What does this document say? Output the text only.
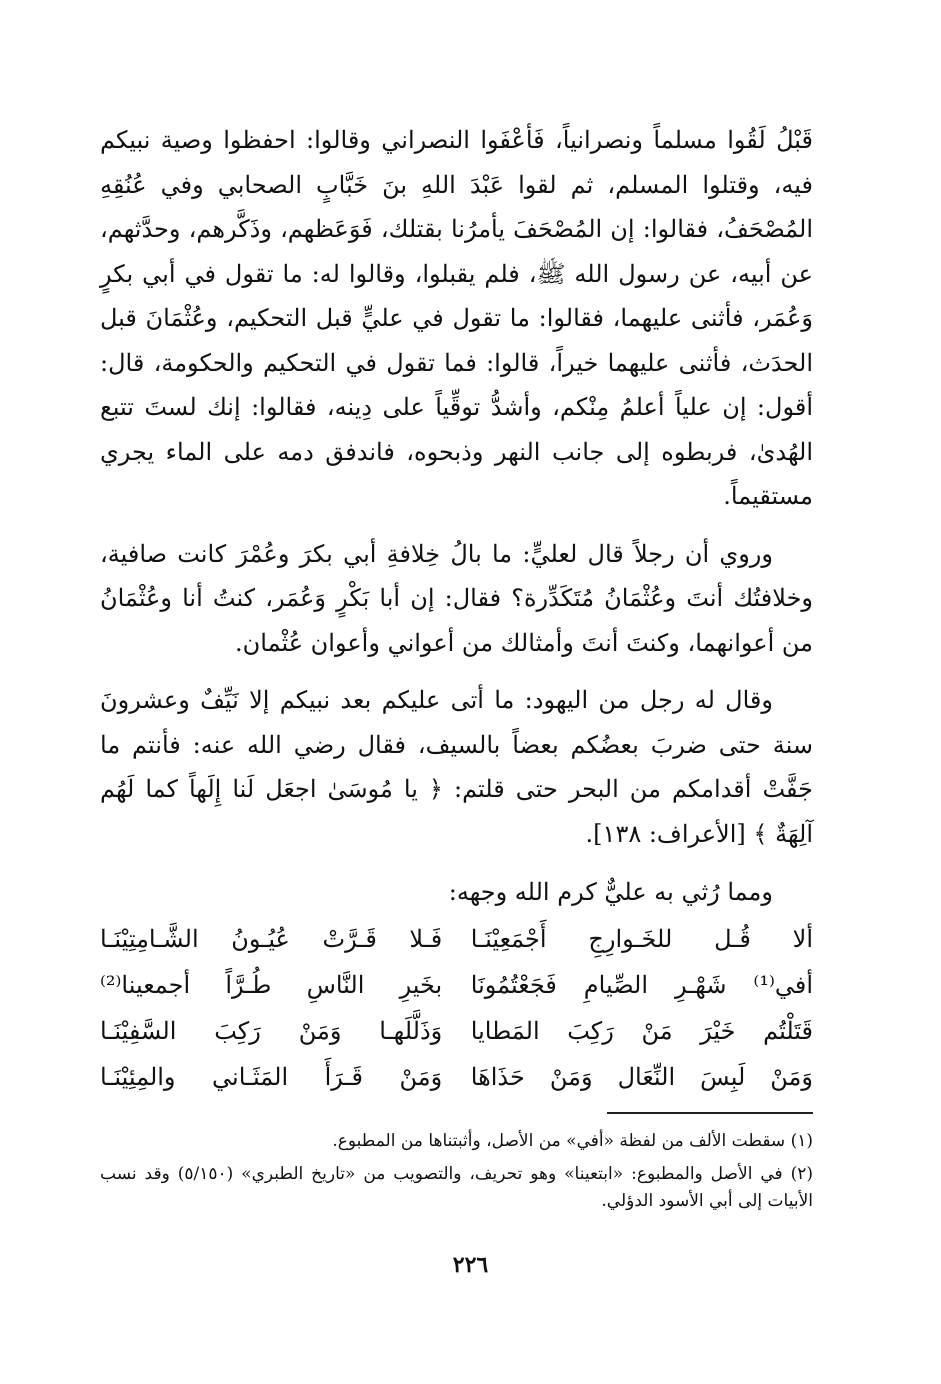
قَبْلُ لَقُوا مسلماً ونصرانياً، فَأعْفَوا النصراني وقالوا: احفظوا وصية نبيكم فيه، وقتلوا المسلم، ثم لقوا عَبْدَ اللهِ بنَ خَبَّابٍ الصحابي وفي عُنُقِهِ المُصْحَفُ، فقالوا: إن المُصْحَفَ يأمرُنا بقتلك، فَوَعَظهم، وذَكَّرهم، وحدَّثهم، عن أبيه، عن رسول الله ﷺ، فلم يقبلوا، وقالوا له: ما تقول في أبي بكرٍ وَعُمَر، فأثنى عليهما، فقالوا: ما تقول في عليٍّ قبل التحكيم، وعُثْمَانَ قبل الحدَث، فأثنى عليهما خيراً، قالوا: فما تقول في التحكيم والحكومة، قال: أقول: إن علياً أعلمُ مِنْكم، وأشدُّ توقِّياً على دِينه، فقالوا: إنك لستَ تتبع الهُدىٰ، فربطوه إلى جانب النهر وذبحوه، فاندفق دمه على الماء يجري مستقيماً.

وروي أن رجلاً قال لعليٍّ: ما بالُ خِلافةِ أبي بكرَ وعُمْرَ كانت صافية، وخلافتُك أنتَ وعُثْمَانُ مُتَكَدِّرة؟ فقال: إن أبا بَكْرٍ وَعُمَر، كنتُ أنا وعُثْمَانُ من أعوانهما، وكنتَ أنتَ وأمثالك من أعواني وأعوان عُثْمان.

وقال له رجل من اليهود: ما أتى عليكم بعد نبيكم إلا نَيِّفٌ وعشرونَ سنة حتى ضربَ بعضُكم بعضاً بالسيف، فقال رضي الله عنه: فأنتم ما جَفَّتْ أقدامكم من البحر حتى قلتم: ﴿ يا مُوسَىٰ اجعَل لَنا إِلَهاً كما لَهُم آلِهَةٌ ﴾ [الأعراف: ١٣٨].

ومما رُثي به عليٌّ كرم الله وجهه:

ألا قُـل للخَـوارِجِ أَجْمَعِيْنَـا
فَـلا قَـرَّتْ عُيُـونُ الشَّـامِتِيْنَـا
أفي⁽¹⁾ شَهْـرِ الصِّيامِ فَجَعْتُمُونَا
بخَيرِ النَّاسِ طُـرَّاً أجمعينا⁽²⁾
قَتَلْتُم خَيْرَ مَنْ رَكِبَ المَطايا
وَذَلَّلَهـا وَمَنْ رَكِبَ السَّفِيْنَـا
وَمَنْ لَبِسَ النِّعَال وَمَنْ حَذَاهَا
وَمَنْ قَـرَأَ المَثَـاني والمِئِيْنَـا

(١) سقطت الألف من لفظة «أفي» من الأصل، وأثبتناها من المطبوع.

(٢) في الأصل والمطبوع: «ابتعينا» وهو تحريف، والتصويب من «تاريخ الطبري» (٥/١٥٠) وقد نسب الأبيات إلى أبي الأسود الدؤلي.

٢٢٦
